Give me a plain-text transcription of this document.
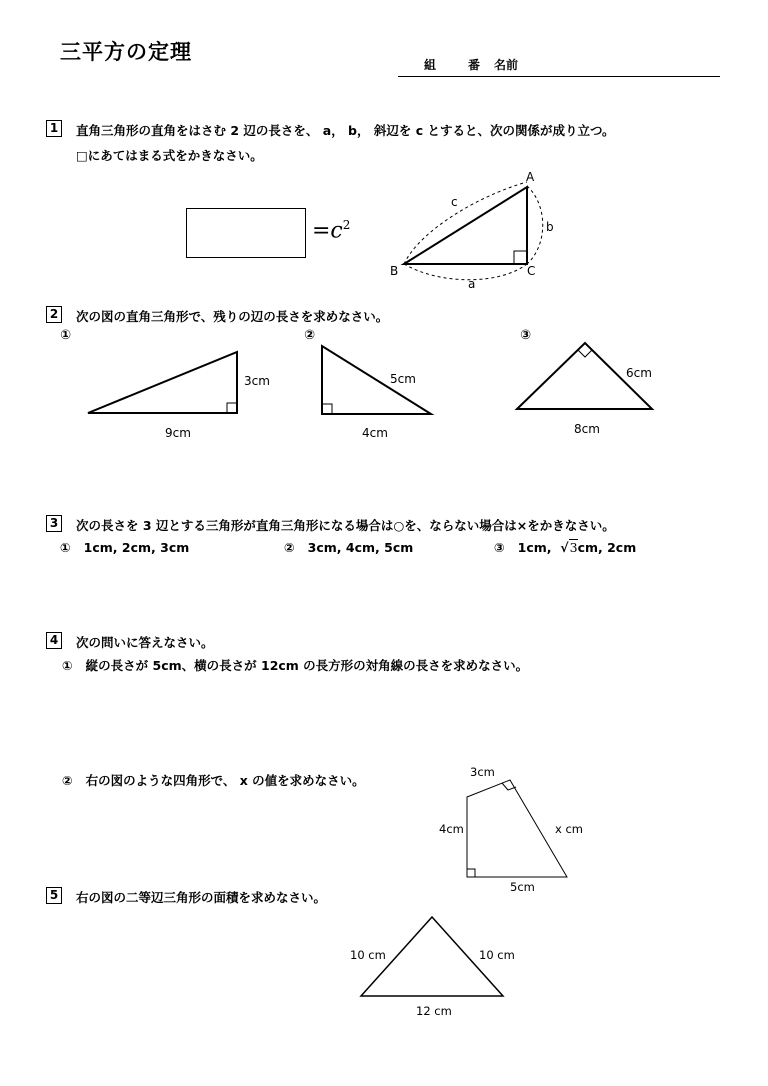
三平方の定理
組	番 名前
1	直角三角形の直角をはさむ 2 辺の長さを、 a， b， 斜辺を c とすると、次の関係が成り立つ。
□にあてはまる式をかきなさい。
$=c^2$
A
B	C
a
b
c
2	次の図の直角三角形で、残りの辺の長さを求めなさい。
①	②	③
3cm
9cm
5cm
4cm
6cm
8cm
3	次の長さを 3 辺とする三角形が直角三角形になる場合は○を、ならない場合は×をかきなさい。
① 1cm, 2cm, 3cm	② 3cm, 4cm, 5cm	③ 1cm, √3cm, 2cm
4	次の問いに答えなさい。
① 縦の長さが 5cm、横の長さが 12cm の長方形の対角線の長さを求めなさい。
② 右の図のような四角形で、 x の値を求めなさい。
3cm
4cm	x cm
5cm
5	右の図の二等辺三角形の面積を求めなさい。
10 cm	10 cm
12 cm
